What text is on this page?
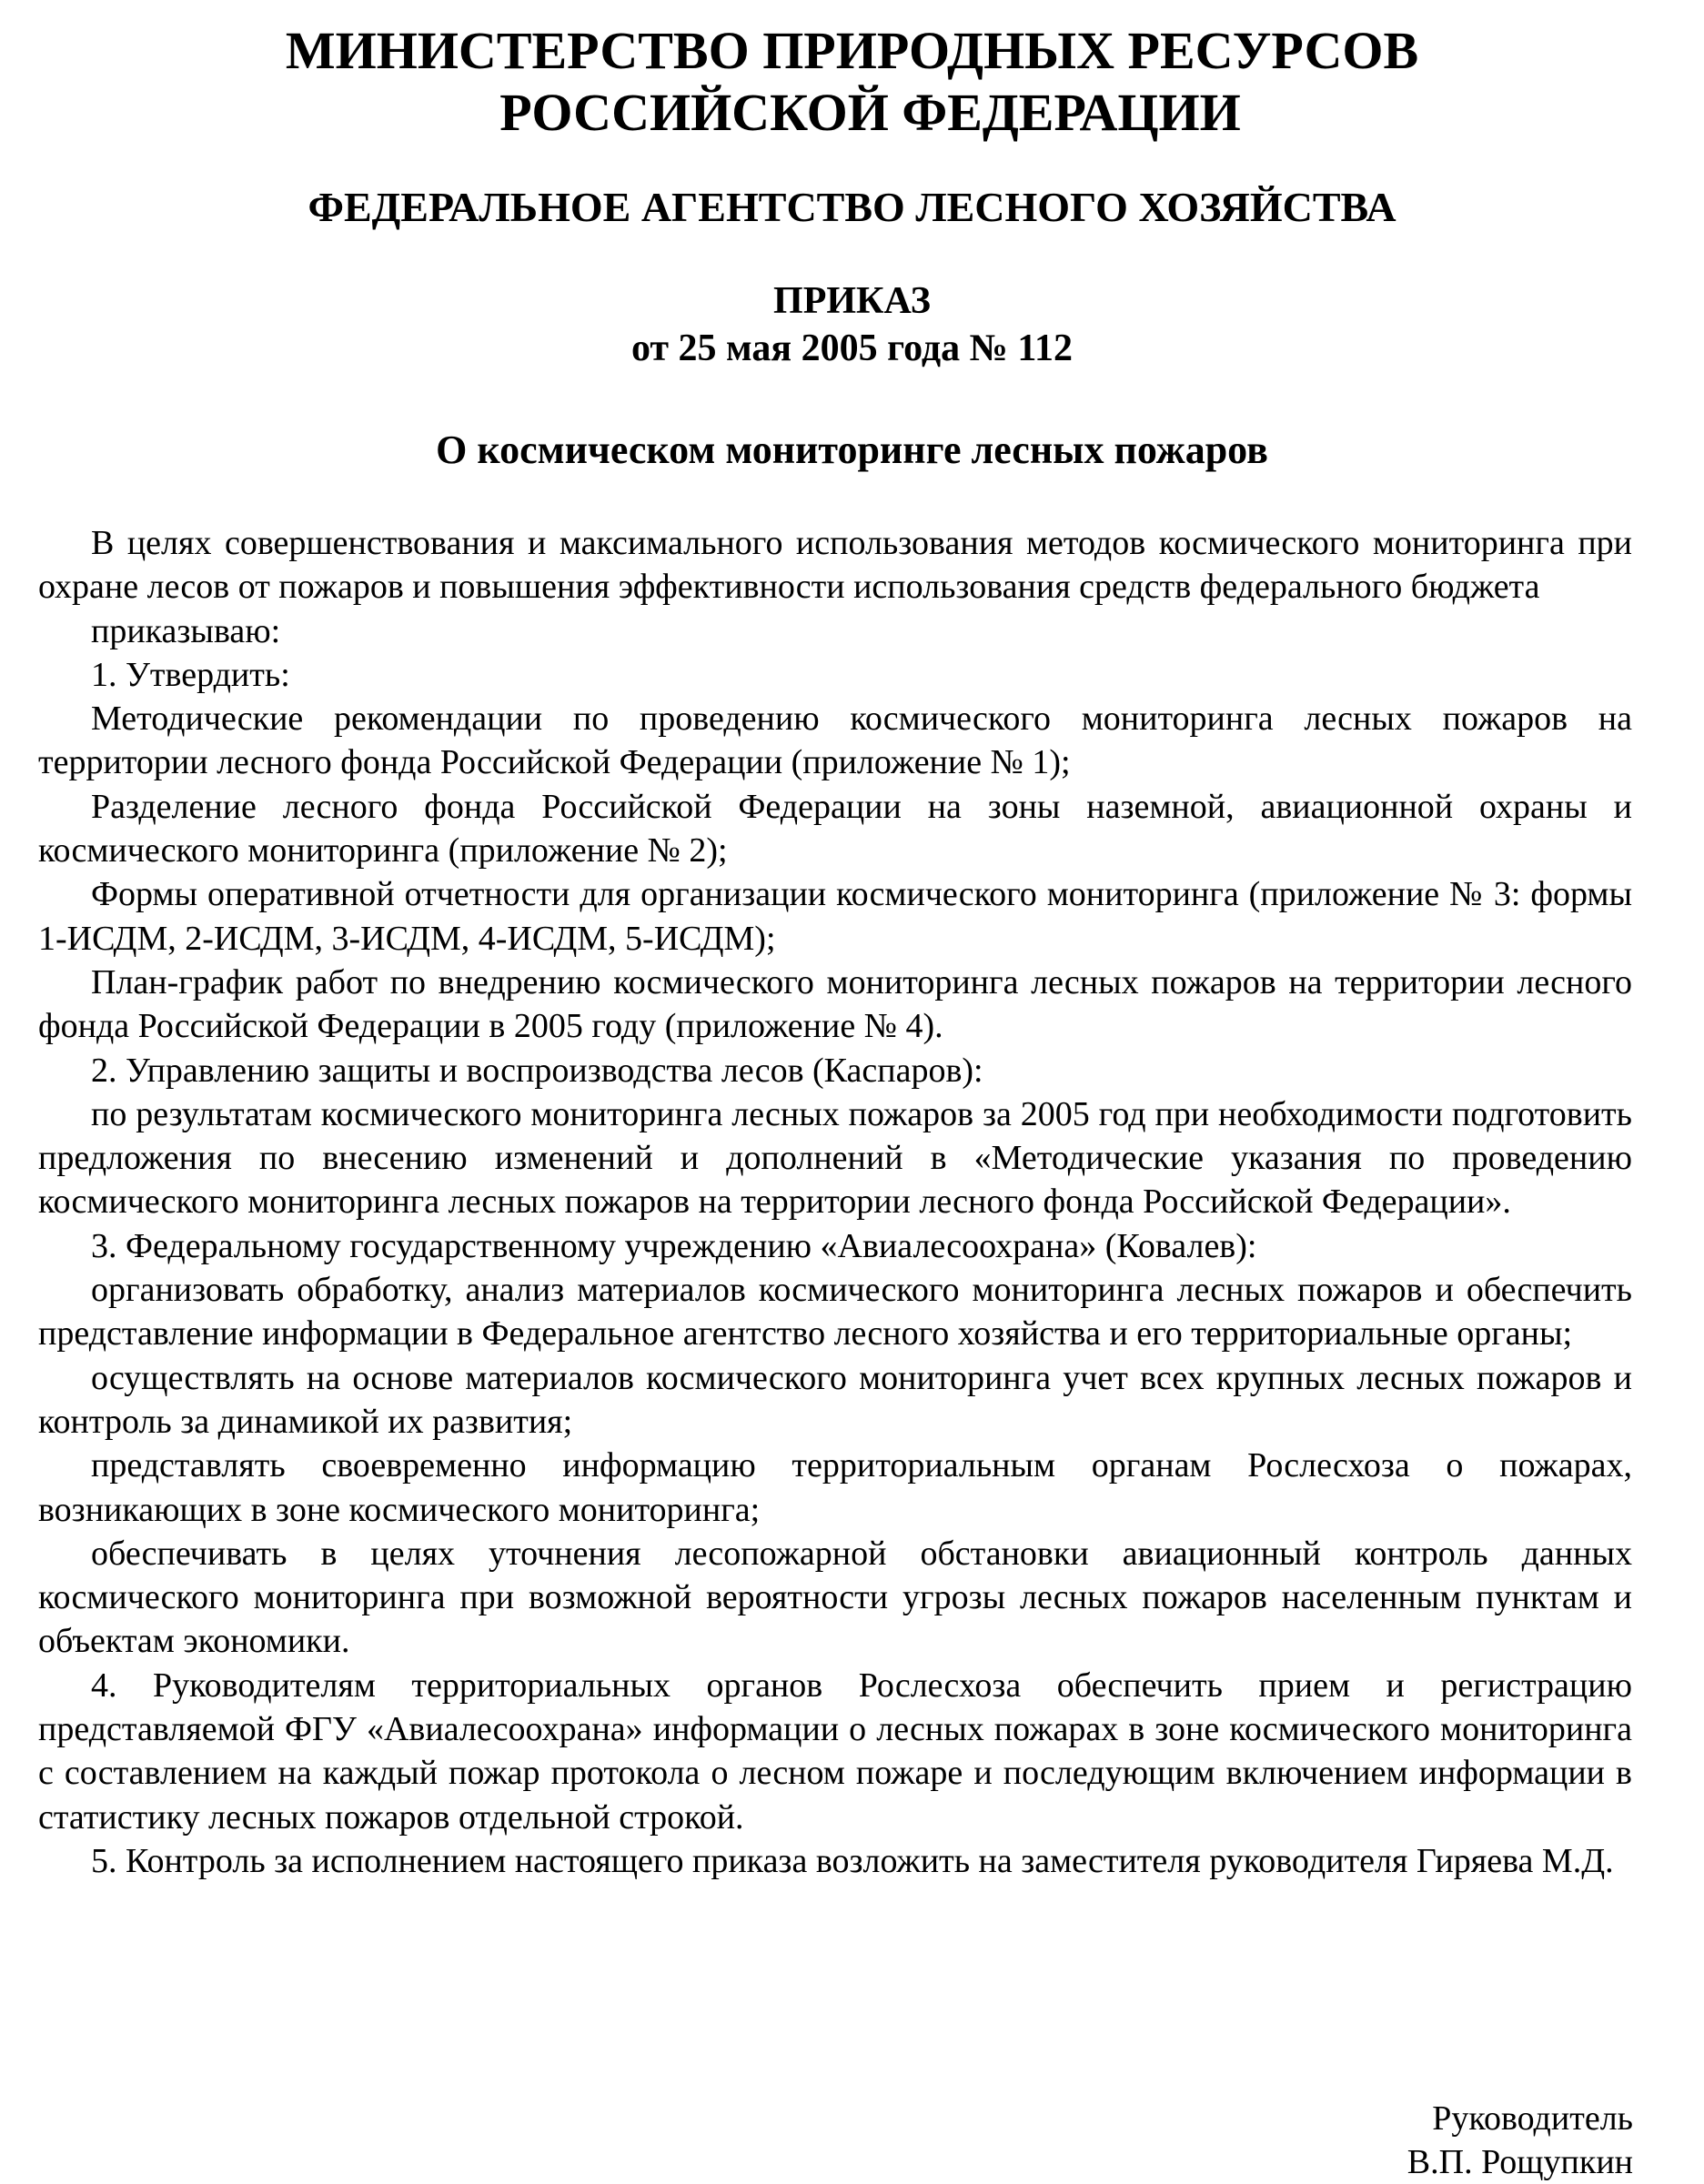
МИНИСТЕРСТВО ПРИРОДНЫХ РЕСУРСОВ
РОССИЙСКОЙ ФЕДЕРАЦИИ
ФЕДЕРАЛЬНОЕ АГЕНТСТВО ЛЕСНОГО ХОЗЯЙСТВА
ПРИКАЗ
от 25 мая 2005 года № 112
О космическом мониторинге лесных пожаров

В целях совершенствования и максимального использования методов космического мониторинга при охране лесов от пожаров и повышения эффективности использования средств федерального бюджета

приказываю:

1. Утвердить:

Методические рекомендации по проведению космического мониторинга лесных пожаров на территории лесного фонда Российской Федерации (приложение № 1);

Разделение лесного фонда Российской Федерации на зоны наземной, авиационной охраны и космического мониторинга (приложение № 2);

Формы оперативной отчетности для организации космического мониторинга (приложение № 3: формы 1-ИСДМ, 2-ИСДМ, 3-ИСДМ, 4-ИСДМ, 5-ИСДМ);

План-график работ по внедрению космического мониторинга лесных пожаров на территории лесного фонда Российской Федерации в 2005 году (приложение № 4).

2. Управлению защиты и воспроизводства лесов (Каспаров):

по результатам космического мониторинга лесных пожаров за 2005 год при необходимости подготовить предложения по внесению изменений и дополнений в «Методические указания по проведению космического мониторинга лесных пожаров на территории лесного фонда Российской Федерации».

3. Федеральному государственному учреждению «Авиалесоохрана» (Ковалев):

организовать обработку, анализ материалов космического мониторинга лесных пожаров и обеспечить представление информации в Федеральное агентство лесного хозяйства и его территориальные органы;

осуществлять на основе материалов космического мониторинга учет всех крупных лесных пожаров и контроль за динамикой их развития;

представлять своевременно информацию территориальным органам Рослесхоза о пожарах, возникающих в зоне космического мониторинга;

обеспечивать в целях уточнения лесопожарной обстановки авиационный контроль данных космического мониторинга при возможной вероятности угрозы лесных пожаров населенным пунктам и объектам экономики.

4. Руководителям территориальных органов Рослесхоза обеспечить прием и регистрацию представляемой ФГУ «Авиалесоохрана» информации о лесных пожарах в зоне космического мониторинга с составлением на каждый пожар протокола о лесном пожаре и последующим включением информации в статистику лесных пожаров отдельной строкой.

5. Контроль за исполнением настоящего приказа возложить на заместителя руководителя Гиряева М.Д.

Руководитель
В.П. Рощупкин
